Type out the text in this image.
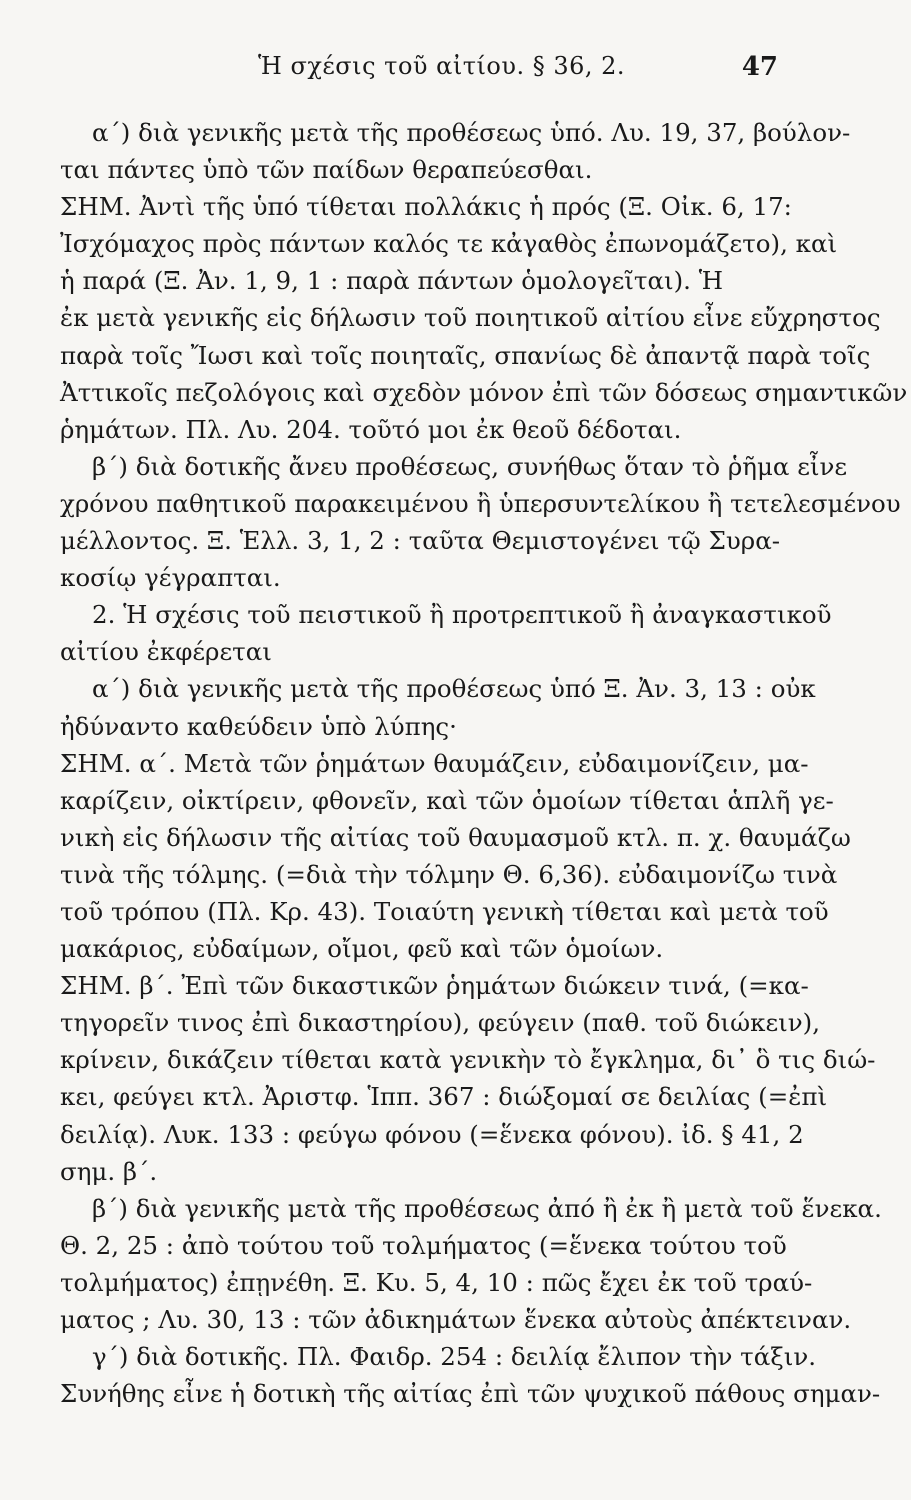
Ἡ σχέσις τοῦ αἰτίου. § 36, 2.	47
α΄) διὰ γενικῆς μετὰ τῆς προθέσεως ὑπό. Λυ. 19, 37, βούλον-
ται πάντες ὑπὸ τῶν παίδων θεραπεύεσθαι.
ΣΗΜ. Ἀντὶ τῆς ὑπό τίθεται πολλάκις ἡ πρός (Ξ. Οἰκ. 6, 17:
Ἰσχόμαχος πρὸς πάντων καλός τε κἀγαθὸς ἐπωνομάζετο), καὶ
ἡ παρά (Ξ. Ἀν. 1, 9, 1 : παρὰ πάντων ὁμολογεῖται). Ἡ
ἐκ μετὰ γενικῆς εἰς δήλωσιν τοῦ ποιητικοῦ αἰτίου εἶνε εὔχρηστος
παρὰ τοῖς Ἴωσι καὶ τοῖς ποιηταῖς, σπανίως δὲ ἀπαντᾷ παρὰ τοῖς
Ἀττικοῖς πεζολόγοις καὶ σχεδὸν μόνον ἐπὶ τῶν δόσεως σημαντικῶν
ῥημάτων. Πλ. Λυ. 204. τοῦτό μοι ἐκ θεοῦ δέδοται.
β΄) διὰ δοτικῆς ἄνευ προθέσεως, συνήθως ὅταν τὸ ῥῆμα εἶνε
χρόνου παθητικοῦ παρακειμένου ἢ ὑπερσυντελίκου ἢ τετελεσμένου
μέλλοντος. Ξ. Ἑλλ. 3, 1, 2 : ταῦτα Θεμιστογένει τῷ Συρα-
κοσίῳ γέγραπται.
2. Ἡ σχέσις τοῦ πειστικοῦ ἢ προτρεπτικοῦ ἢ ἀναγκαστικοῦ
αἰτίου ἐκφέρεται
α΄) διὰ γενικῆς μετὰ τῆς προθέσεως ὑπό Ξ. Ἀν. 3, 13 : οὐκ
ἠδύναντο καθεύδειν ὑπὸ λύπης·
ΣΗΜ. α΄. Μετὰ τῶν ῥημάτων θαυμάζειν, εὐδαιμονίζειν, μα-
καρίζειν, οἰκτίρειν, φθονεῖν, καὶ τῶν ὁμοίων τίθεται ἁπλῆ γε-
νικὴ εἰς δήλωσιν τῆς αἰτίας τοῦ θαυμασμοῦ κτλ. π. χ. θαυμάζω
τινὰ τῆς τόλμης. (=διὰ τὴν τόλμην Θ. 6,36). εὐδαιμονίζω τινὰ
τοῦ τρόπου (Πλ. Κρ. 43). Τοιαύτη γενικὴ τίθεται καὶ μετὰ τοῦ
μακάριος, εὐδαίμων, οἴμοι, φεῦ καὶ τῶν ὁμοίων.
ΣΗΜ. β΄. Ἐπὶ τῶν δικαστικῶν ῥημάτων διώκειν τινά, (=κα-
τηγορεῖν τινος ἐπὶ δικαστηρίου), φεύγειν (παθ. τοῦ διώκειν),
κρίνειν, δικάζειν τίθεται κατὰ γενικὴν τὸ ἔγκλημα, δι᾽ ὃ τις διώ-
κει, φεύγει κτλ. Ἀριστφ. Ἱππ. 367 : διώξομαί σε δειλίας (=ἐπὶ
δειλίᾳ). Λυκ. 133 : φεύγω φόνου (=ἕνεκα φόνου). ἰδ. § 41, 2
σημ. β΄.
β΄) διὰ γενικῆς μετὰ τῆς προθέσεως ἀπό ἢ ἐκ ἢ μετὰ τοῦ ἕνεκα.
Θ. 2, 25 : ἀπὸ τούτου τοῦ τολμήματος (=ἕνεκα τούτου τοῦ
τολμήματος) ἐπῃνέθη. Ξ. Κυ. 5, 4, 10 : πῶς ἔχει ἐκ τοῦ τραύ-
ματος ; Λυ. 30, 13 : τῶν ἀδικημάτων ἕνεκα αὐτοὺς ἀπέκτειναν.
γ΄) διὰ δοτικῆς. Πλ. Φαιδρ. 254 : δειλίᾳ ἔλιπον τὴν τάξιν.
Συνήθης εἶνε ἡ δοτικὴ τῆς αἰτίας ἐπὶ τῶν ψυχικοῦ πάθους σημαν-
